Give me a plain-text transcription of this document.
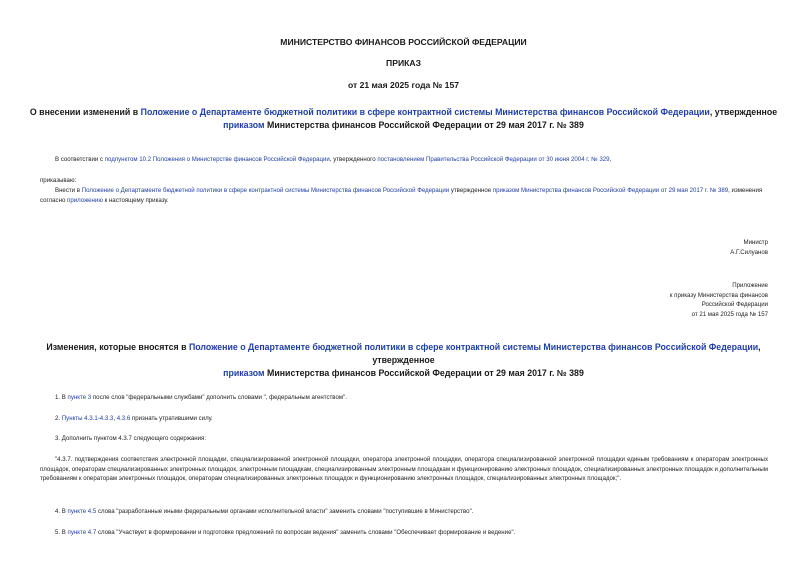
МИНИСТЕРСТВО ФИНАНСОВ РОССИЙСКОЙ ФЕДЕРАЦИИ
ПРИКАЗ
от 21 мая 2025 года № 157
О внесении изменений в Положение о Департаменте бюджетной политики в сфере контрактной системы Министерства финансов Российской Федерации, утвержденное
приказом Министерства финансов Российской Федерации от 29 мая 2017 г. № 389
В соответствии с подпунктом 10.2 Положения о Министерстве финансов Российской Федерации, утвержденного постановлением Правительства Российской Федерации от 30 июня 2004 г. № 329,
приказываю:
Внести в Положение о Департаменте бюджетной политики в сфере контрактной системы Министерства финансов Российской Федерации утвержденное приказом Министерства финансов Российской Федерации от 29 мая 2017 г. № 389, изменения согласно приложению к настоящему приказу.
Министр
А.Г.Силуанов
Приложение
к приказу Министерства финансов
Российской Федерации
от 21 мая 2025 года № 157
Изменения, которые вносятся в Положение о Департаменте бюджетной политики в сфере контрактной системы Министерства финансов Российской Федерации, утвержденное
приказом Министерства финансов Российской Федерации от 29 мая 2017 г. № 389
1. В пункте 3 после слов "федеральными службами" дополнить словами ", федеральным агентством".
2. Пункты 4.3.1-4.3.3, 4.3.6 признать утратившими силу.
3. Дополнить пунктом 4.3.7 следующего содержания:
"4.3.7. подтверждения соответствия электронной площадки, специализированной электронной площадки, оператора электронной площадки, оператора специализированной электронной площадки единым требованиям к операторам электронных площадок, операторам специализированных электронных площадок, электронным площадкам, специализированным электронным площадкам и функционированию электронных площадок, специализированных электронных площадок и дополнительным требованиям к операторам электронных площадок, операторам специализированных электронных площадок и функционированию электронных площадок, специализированных электронных площадок;".
4. В пункте 4.5 слова "разработанные иными федеральными органами исполнительной власти" заменить словами "поступившие в Министерство".
5. В пункте 4.7 слова "Участвует в формировании и подготовке предложений по вопросам ведения" заменить словами "Обеспечивает формирование и ведение".
